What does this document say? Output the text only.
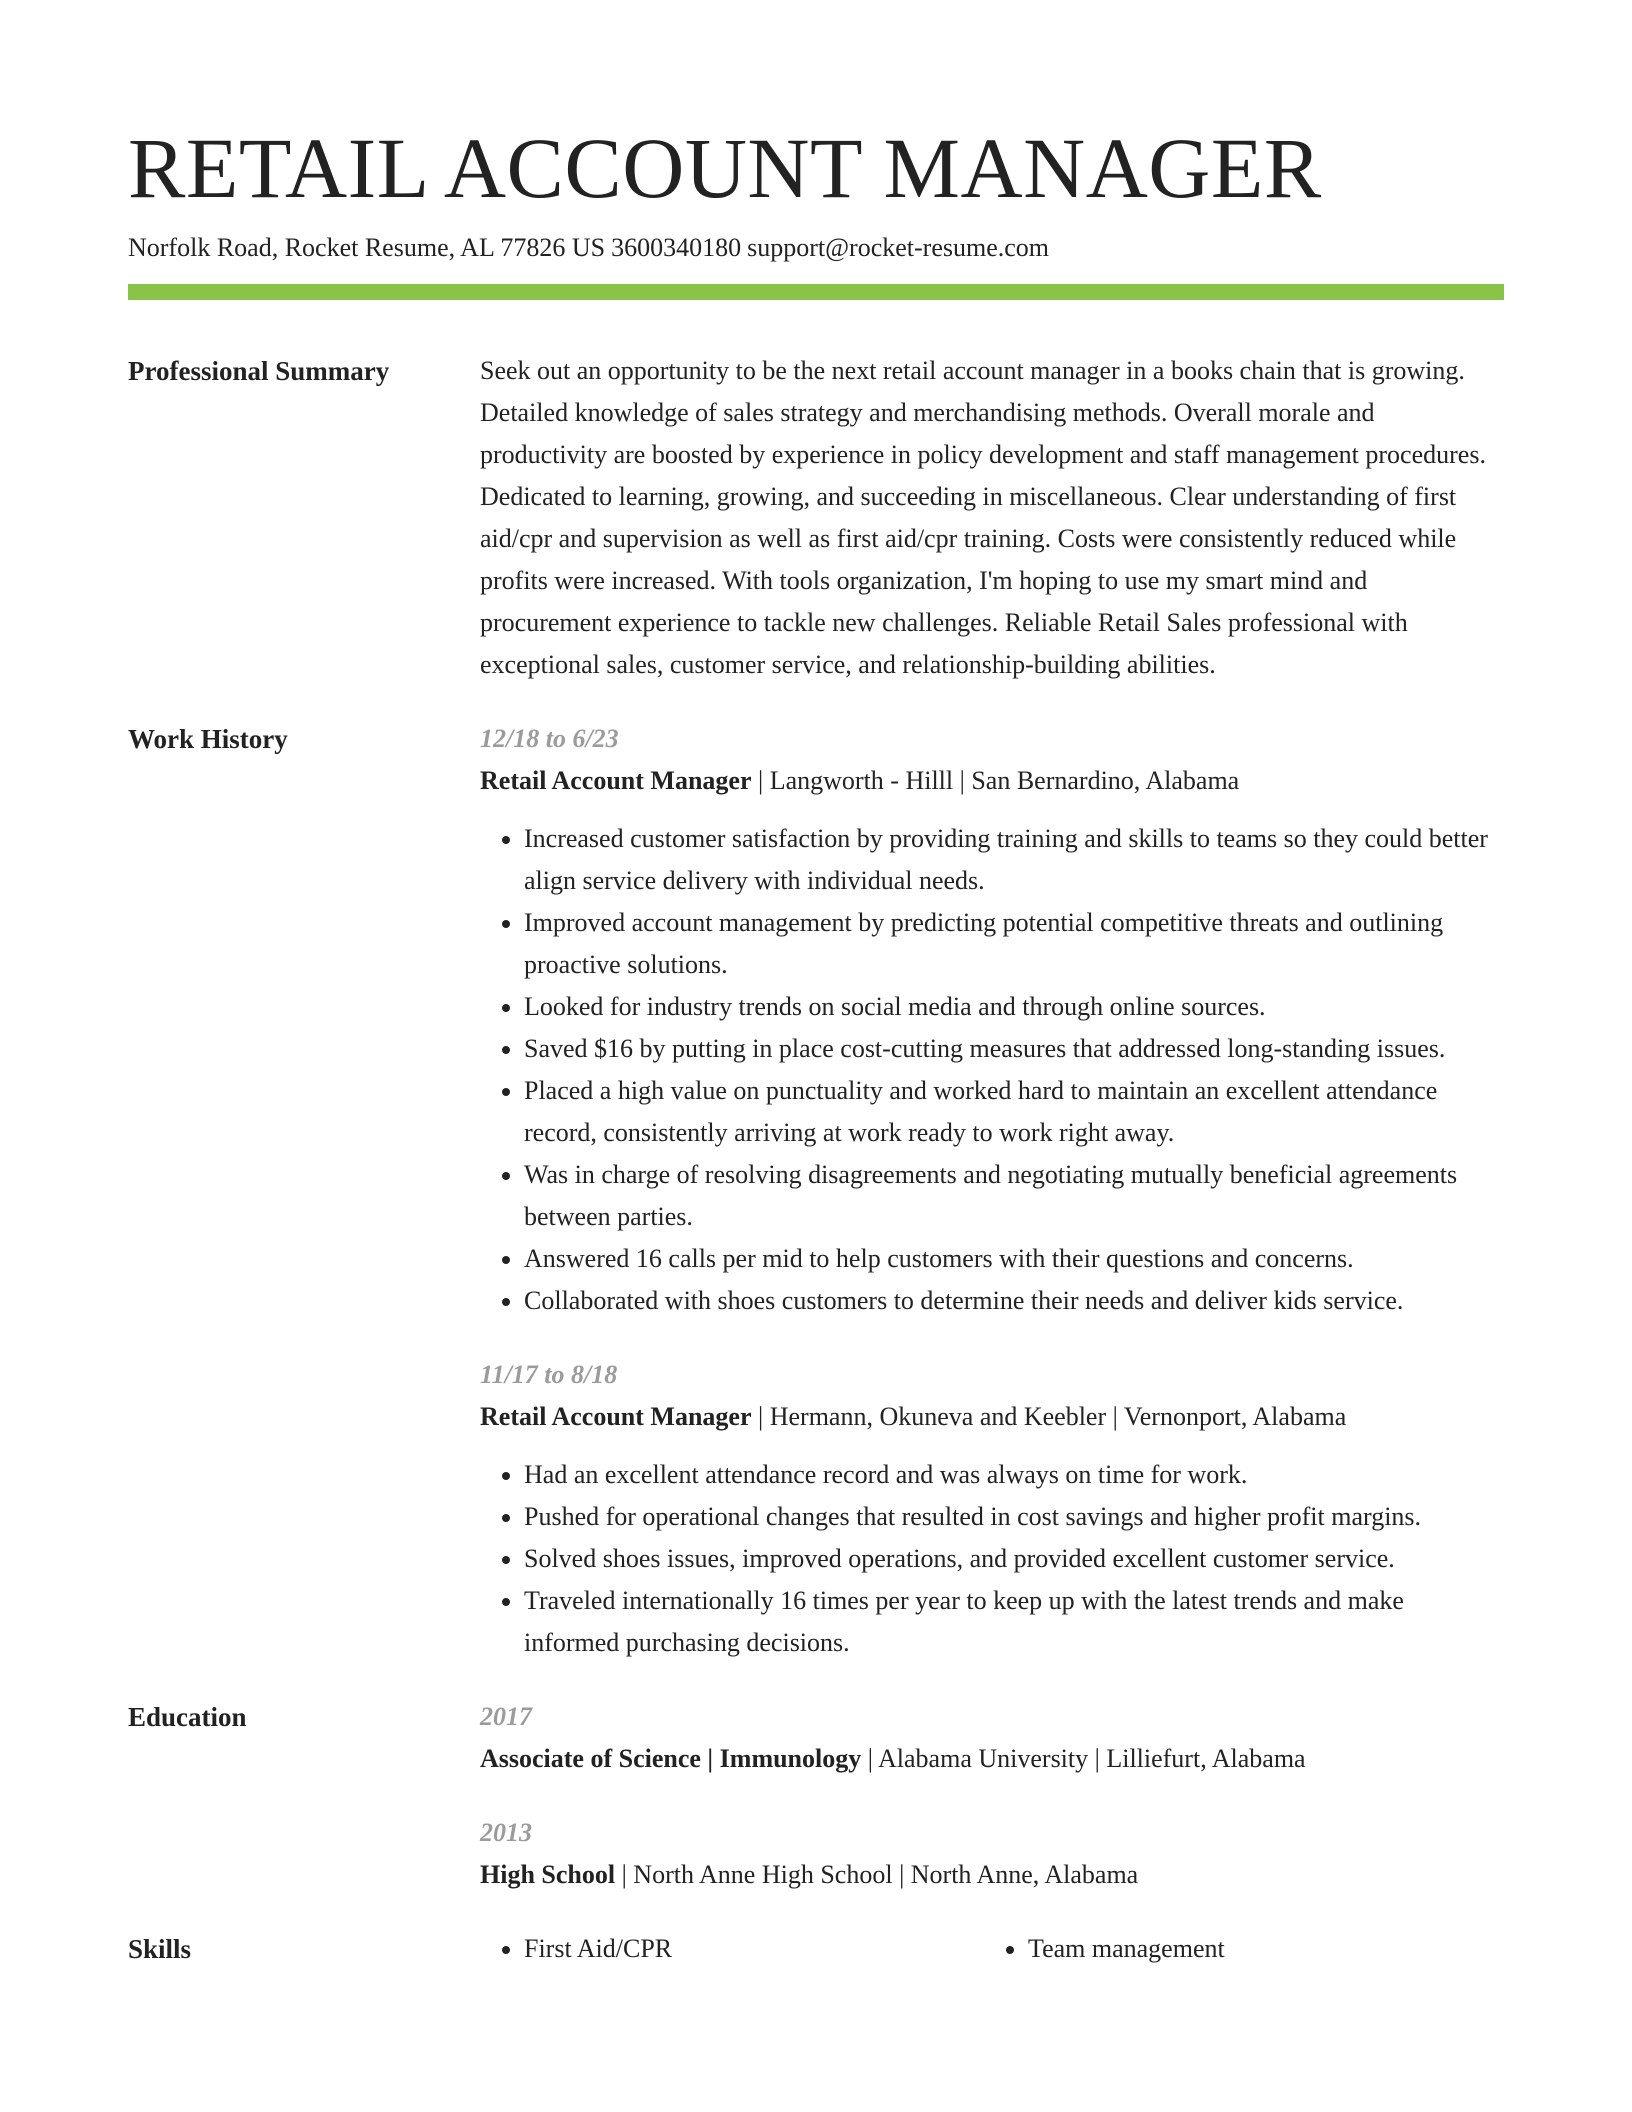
RETAIL ACCOUNT MANAGER
Norfolk Road, Rocket Resume, AL 77826 US 3600340180 support@rocket-resume.com
Professional Summary	Seek out an opportunity to be the next retail account manager in a books chain that is growing. Detailed knowledge of sales strategy and merchandising methods. Overall morale and productivity are boosted by experience in policy development and staff management procedures. Dedicated to learning, growing, and succeeding in miscellaneous. Clear understanding of first aid/cpr and supervision as well as first aid/cpr training. Costs were consistently reduced while profits were increased. With tools organization, I'm hoping to use my smart mind and procurement experience to tackle new challenges. Reliable Retail Sales professional with exceptional sales, customer service, and relationship-building abilities.
Work History	12/18 to 6/23
Retail Account Manager | Langworth - Hilll | San Bernardino, Alabama
• Increased customer satisfaction by providing training and skills to teams so they could better align service delivery with individual needs.
• Improved account management by predicting potential competitive threats and outlining proactive solutions.
• Looked for industry trends on social media and through online sources.
• Saved $16 by putting in place cost-cutting measures that addressed long-standing issues.
• Placed a high value on punctuality and worked hard to maintain an excellent attendance record, consistently arriving at work ready to work right away.
• Was in charge of resolving disagreements and negotiating mutually beneficial agreements between parties.
• Answered 16 calls per mid to help customers with their questions and concerns.
• Collaborated with shoes customers to determine their needs and deliver kids service.
11/17 to 8/18
Retail Account Manager | Hermann, Okuneva and Keebler | Vernonport, Alabama
• Had an excellent attendance record and was always on time for work.
• Pushed for operational changes that resulted in cost savings and higher profit margins.
• Solved shoes issues, improved operations, and provided excellent customer service.
• Traveled internationally 16 times per year to keep up with the latest trends and make informed purchasing decisions.
Education	2017
Associate of Science | Immunology | Alabama University | Lilliefurt, Alabama
2013
High School | North Anne High School | North Anne, Alabama
Skills	• First Aid/CPR	• Team management
